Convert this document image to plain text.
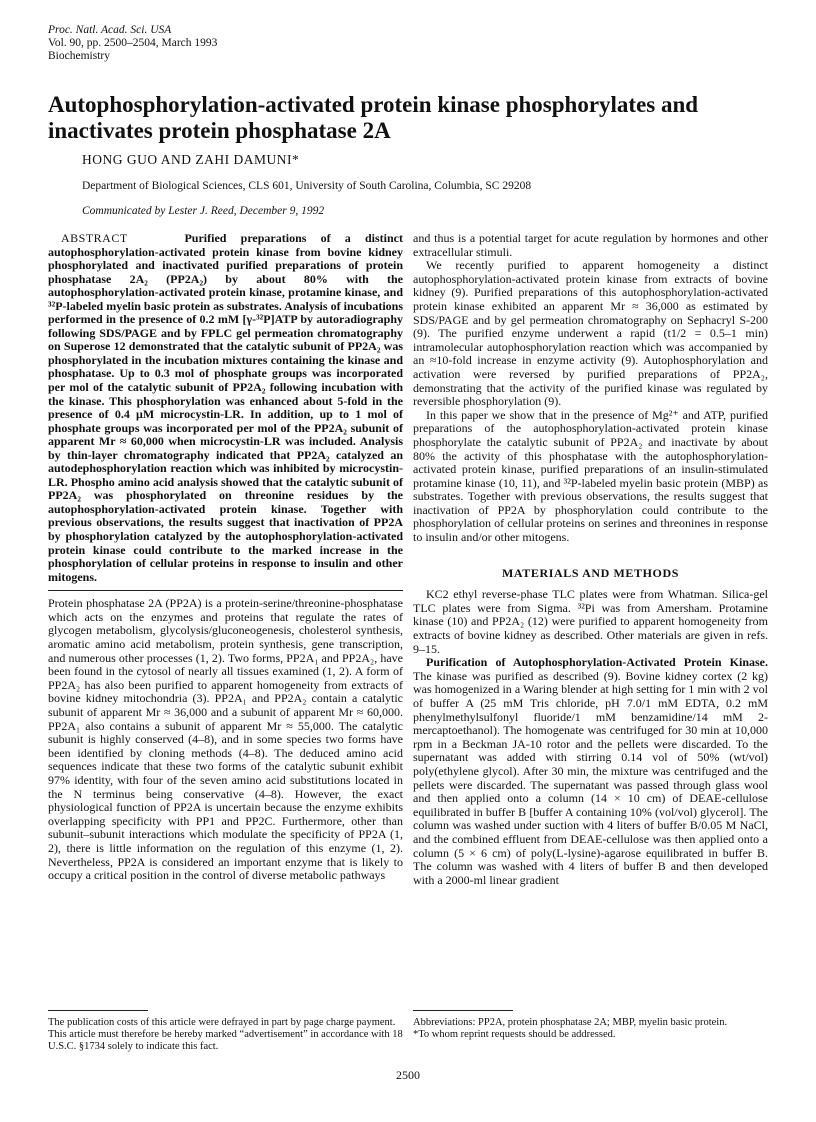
Proc. Natl. Acad. Sci. USA
Vol. 90, pp. 2500–2504, March 1993
Biochemistry
Autophosphorylation-activated protein kinase phosphorylates and inactivates protein phosphatase 2A
HONG GUO AND ZAHI DAMUNI*
Department of Biological Sciences, CLS 601, University of South Carolina, Columbia, SC 29208
Communicated by Lester J. Reed, December 9, 1992

ABSTRACT	Purified preparations of a distinct autophosphorylation-activated protein kinase from bovine kidney phosphorylated and inactivated purified preparations of protein phosphatase 2A₂ (PP2A₂) by about 80% with the autophosphorylation-activated protein kinase, protamine kinase, and ³²P-labeled myelin basic protein as substrates. Analysis of incubations performed in the presence of 0.2 mM [γ-³²P]ATP by autoradiography following SDS/PAGE and by FPLC gel permeation chromatography on Superose 12 demonstrated that the catalytic subunit of PP2A₂ was phosphorylated in the incubation mixtures containing the kinase and phosphatase. Up to 0.3 mol of phosphate groups was incorporated per mol of the catalytic subunit of PP2A₂ following incubation with the kinase. This phosphorylation was enhanced about 5-fold in the presence of 0.4 μM microcystin-LR. In addition, up to 1 mol of phosphate groups was incorporated per mol of the PP2A₂ subunit of apparent Mr ≈ 60,000 when microcystin-LR was included. Analysis by thin-layer chromatography indicated that PP2A₂ catalyzed an autodephosphorylation reaction which was inhibited by microcystin-LR. Phospho amino acid analysis showed that the catalytic subunit of PP2A₂ was phosphorylated on threonine residues by the autophosphorylation-activated protein kinase. Together with previous observations, the results suggest that inactivation of PP2A by phosphorylation catalyzed by the autophosphorylation-activated protein kinase could contribute to the marked increase in the phosphorylation of cellular proteins in response to insulin and other mitogens.

Protein phosphatase 2A (PP2A) is a protein-serine/threonine-phosphatase which acts on the enzymes and proteins that regulate the rates of glycogen metabolism, glycolysis/gluconeogenesis, cholesterol synthesis, aromatic amino acid metabolism, protein synthesis, gene transcription, and numerous other processes (1, 2). Two forms, PP2A₁ and PP2A₂, have been found in the cytosol of nearly all tissues examined (1, 2). A form of PP2A₂ has also been purified to apparent homogeneity from extracts of bovine kidney mitochondria (3). PP2A₁ and PP2A₂ contain a catalytic subunit of apparent Mr ≈ 36,000 and a subunit of apparent Mr ≈ 60,000. PP2A₁ also contains a subunit of apparent Mr ≈ 55,000. The catalytic subunit is highly conserved (4–8), and in some species two forms have been identified by cloning methods (4–8). The deduced amino acid sequences indicate that these two forms of the catalytic subunit exhibit 97% identity, with four of the seven amino acid substitutions located in the N terminus being conservative (4–8). However, the exact physiological function of PP2A is uncertain because the enzyme exhibits overlapping specificity with PP1 and PP2C. Furthermore, other than subunit–subunit interactions which modulate the specificity of PP2A (1, 2), there is little information on the regulation of this enzyme (1, 2). Nevertheless, PP2A is considered an important enzyme that is likely to occupy a critical position in the control of diverse metabolic pathways

and thus is a potential target for acute regulation by hormones and other extracellular stimuli.

We recently purified to apparent homogeneity a distinct autophosphorylation-activated protein kinase from extracts of bovine kidney (9). Purified preparations of this autophosphorylation-activated protein kinase exhibited an apparent Mr ≈ 36,000 as estimated by SDS/PAGE and by gel permeation chromatography on Sephacryl S-200 (9). The purified enzyme underwent a rapid (t1/2 = 0.5–1 min) intramolecular autophosphorylation reaction which was accompanied by an ≈10-fold increase in enzyme activity (9). Autophosphorylation and activation were reversed by purified preparations of PP2A₂, demonstrating that the activity of the purified kinase was regulated by reversible phosphorylation (9).

In this paper we show that in the presence of Mg²⁺ and ATP, purified preparations of the autophosphorylation-activated protein kinase phosphorylate the catalytic subunit of PP2A₂ and inactivate by about 80% the activity of this phosphatase with the autophosphorylation-activated protein kinase, purified preparations of an insulin-stimulated protamine kinase (10, 11), and ³²P-labeled myelin basic protein (MBP) as substrates. Together with previous observations, the results suggest that inactivation of PP2A by phosphorylation could contribute to the phosphorylation of cellular proteins on serines and threonines in response to insulin and/or other mitogens.

MATERIALS AND METHODS

KC2 ethyl reverse-phase TLC plates were from Whatman. Silica-gel TLC plates were from Sigma. ³²Pi was from Amersham. Protamine kinase (10) and PP2A₂ (12) were purified to apparent homogeneity from extracts of bovine kidney as described. Other materials are given in refs. 9–15.

Purification of Autophosphorylation-Activated Protein Kinase. The kinase was purified as described (9). Bovine kidney cortex (2 kg) was homogenized in a Waring blender at high setting for 1 min with 2 vol of buffer A (25 mM Tris chloride, pH 7.0/1 mM EDTA, 0.2 mM phenylmethylsulfonyl fluoride/1 mM benzamidine/14 mM 2-mercaptoethanol). The homogenate was centrifuged for 30 min at 10,000 rpm in a Beckman JA-10 rotor and the pellets were discarded. To the supernatant was added with stirring 0.14 vol of 50% (wt/vol) poly(ethylene glycol). After 30 min, the mixture was centrifuged and the pellets were discarded. The supernatant was passed through glass wool and then applied onto a column (14 × 10 cm) of DEAE-cellulose equilibrated in buffer B [buffer A containing 10% (vol/vol) glycerol]. The column was washed under suction with 4 liters of buffer B/0.05 M NaCl, and the combined effluent from DEAE-cellulose was then applied onto a column (5 × 6 cm) of poly(L-lysine)-agarose equilibrated in buffer B. The column was washed with 4 liters of buffer B and then developed with a 2000-ml linear gradient

The publication costs of this article were defrayed in part by page charge payment. This article must therefore be hereby marked “advertisement” in accordance with 18 U.S.C. §1734 solely to indicate this fact.

Abbreviations: PP2A, protein phosphatase 2A; MBP, myelin basic protein.

*To whom reprint requests should be addressed.

2500
